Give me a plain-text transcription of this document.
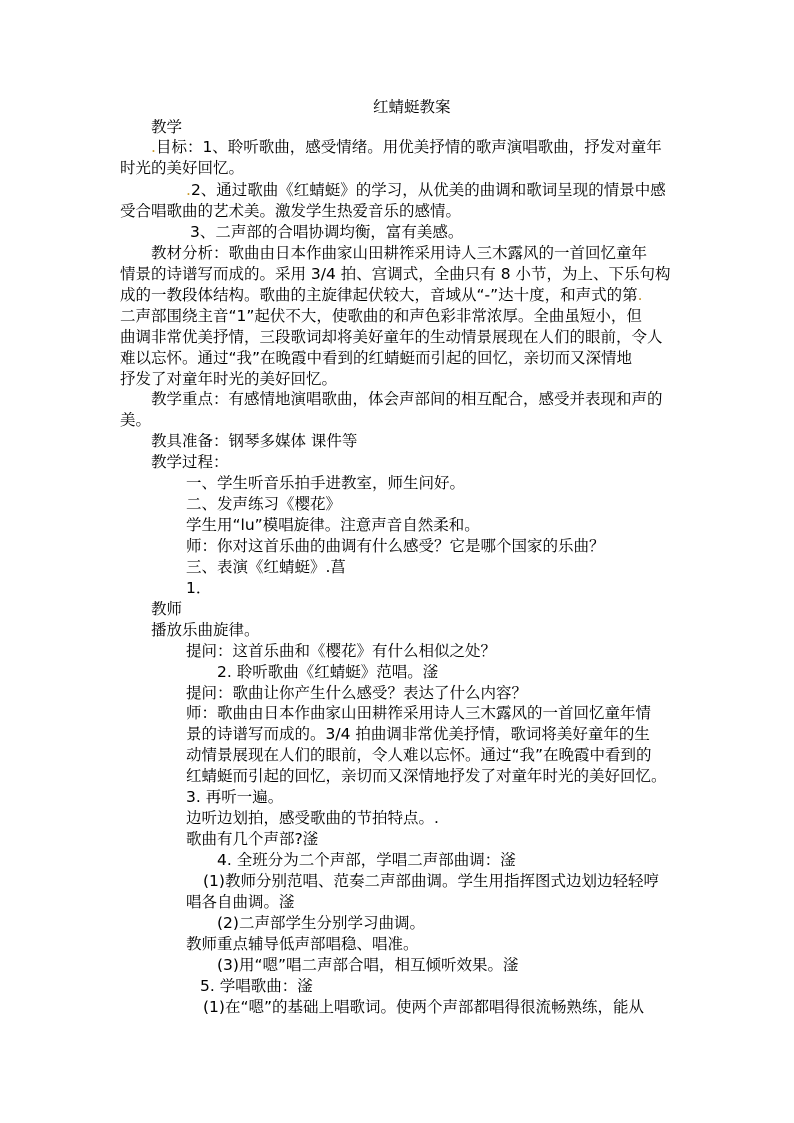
红蜻蜓教案
教学
.目标：1、聆听歌曲，感受情绪。用优美抒情的歌声演唱歌曲，抒发对童年
时光的美好回忆。
.2、通过歌曲《红蜻蜓》的学习，从优美的曲调和歌词呈现的情景中感
受合唱歌曲的艺术美。激发学生热爱音乐的感情。
3、二声部的合唱协调均衡，富有美感。
教材分析：歌曲由日本作曲家山田耕筰采用诗人三木露风的一首回忆童年
情景的诗谱写而成的。采用 3/4 拍、宫调式，全曲只有 8 小节，为上、下乐句构
成的一教段体结构。歌曲的主旋律起伏较大，音域从“-”达十度，和声式的第.
二声部围绕主音“1”起伏不大，使歌曲的和声色彩非常浓厚。全曲虽短小，但
曲调非常优美抒情，三段歌词却将美好童年的生动情景展现在人们的眼前，令人
难以忘怀。通过“我”在晚霞中看到的红蜻蜓而引起的回忆，亲切而又深情地
抒发了对童年时光的美好回忆。
教学重点：有感情地演唱歌曲，体会声部间的相互配合，感受并表现和声的
美。
教具准备：钢琴多媒体 课件等
教学过程：
一、学生听音乐拍手进教室，师生问好。
二、发声练习《樱花》
学生用“lu”模唱旋律。注意声音自然柔和。
师：你对这首乐曲的曲调有什么感受？它是哪个国家的乐曲？
三、表演《红蜻蜓》.菖
1．
教师
播放乐曲旋律。
提问：这首乐曲和《樱花》有什么相似之处？
2. 聆听歌曲《红蜻蜓》范唱。滏
提问：歌曲让你产生什么感受？表达了什么内容？
师：歌曲由日本作曲家山田耕筰采用诗人三木露风的一首回忆童年情
景的诗谱写而成的。3/4 拍曲调非常优美抒情，歌词将美好童年的生
动情景展现在人们的眼前，令人难以忘怀。通过“我”在晚霞中看到的
红蜻蜓而引起的回忆，亲切而又深情地抒发了对童年时光的美好回忆。
3. 再听一遍。
边听边划拍，感受歌曲的节拍特点。.
歌曲有几个声部?滏
4. 全班分为二个声部，学唱二声部曲调：滏
(1)教师分别范唱、范奏二声部曲调。学生用指挥图式边划边轻轻哼
唱各自曲调。滏
(2)二声部学生分别学习曲调。
教师重点辅导低声部唱稳、唱准。
(3)用“嗯”唱二声部合唱，相互倾听效果。滏
5. 学唱歌曲：滏
(1)在“嗯”的基础上唱歌词。使两个声部都唱得很流畅熟练，能从
